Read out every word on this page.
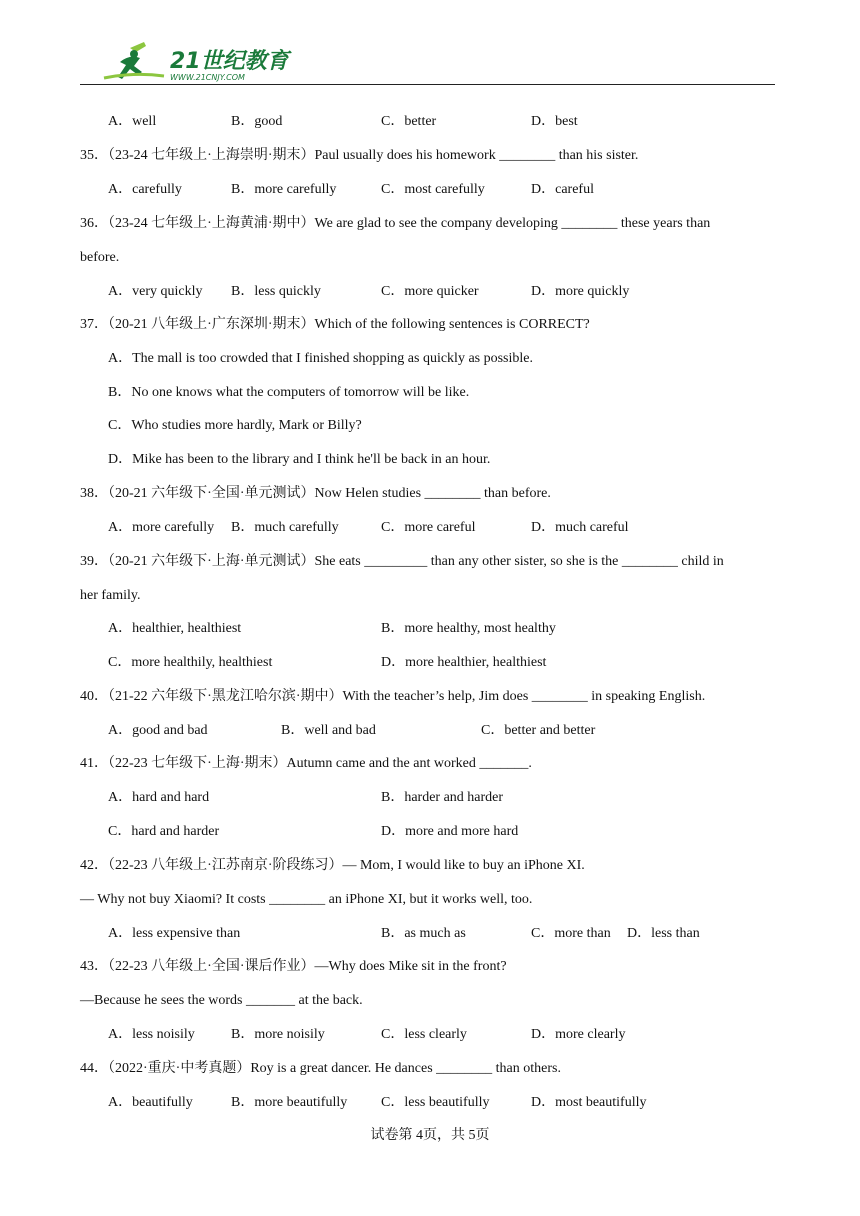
21世纪教育
WWW.21CNJY.COM
A．well	B．good	C．better	D．best
35．（23-24 七年级上·上海崇明·期末）Paul usually does his homework ________ than his sister.
A．carefully	B．more carefully	C．most carefully	D．careful
36．（23-24 七年级上·上海黄浦·期中）We are glad to see the company developing ________ these years than
before.
A．very quickly B．less quickly	C．more quicker	D．more quickly
37．（20-21 八年级上·广东深圳·期末）Which of the following sentences is CORRECT?
A．The mall is too crowded that I finished shopping as quickly as possible.
B．No one knows what the computers of tomorrow will be like.
C．Who studies more hardly, Mark or Billy?
D．Mike has been to the library and I think he'll be back in an hour.
38．（20-21 六年级下·全国·单元测试）Now Helen studies ________ than before.
A．more carefully B．much carefully	C．more careful	D．much careful
39．（20-21 六年级下·上海·单元测试）She eats _________ than any other sister, so she is the ________ child in
her family.
A．healthier, healthiest	B．more healthy, most healthy
C．more healthily, healthiest	D．more healthier, healthiest
40．（21-22 六年级下·黑龙江哈尔滨·期中）With the teacher’s help, Jim does ________ in speaking English.
A．good and bad	B．well and bad	C．better and better
41．（22-23 七年级下·上海·期末）Autumn came and the ant worked _______.
A．hard and hard	B．harder and harder
C．hard and harder	D．more and more hard
42．（22-23 八年级上·江苏南京·阶段练习）— Mom, I would like to buy an iPhone XI.
— Why not buy Xiaomi? It costs ________ an iPhone XI, but it works well, too.
A．less expensive than	B．as much as	C．more than D．less than
43．（22-23 八年级上·全国·课后作业）—Why does Mike sit in the front?
—Because he sees the words _______ at the back.
A．less noisily	B．more noisily	C．less clearly	D．more clearly
44．（2022·重庆·中考真题）Roy is a great dancer. He dances ________ than others.
A．beautifully	B．more beautifully C．less beautifully	D．most beautifully
试卷第 4页，共 5页
